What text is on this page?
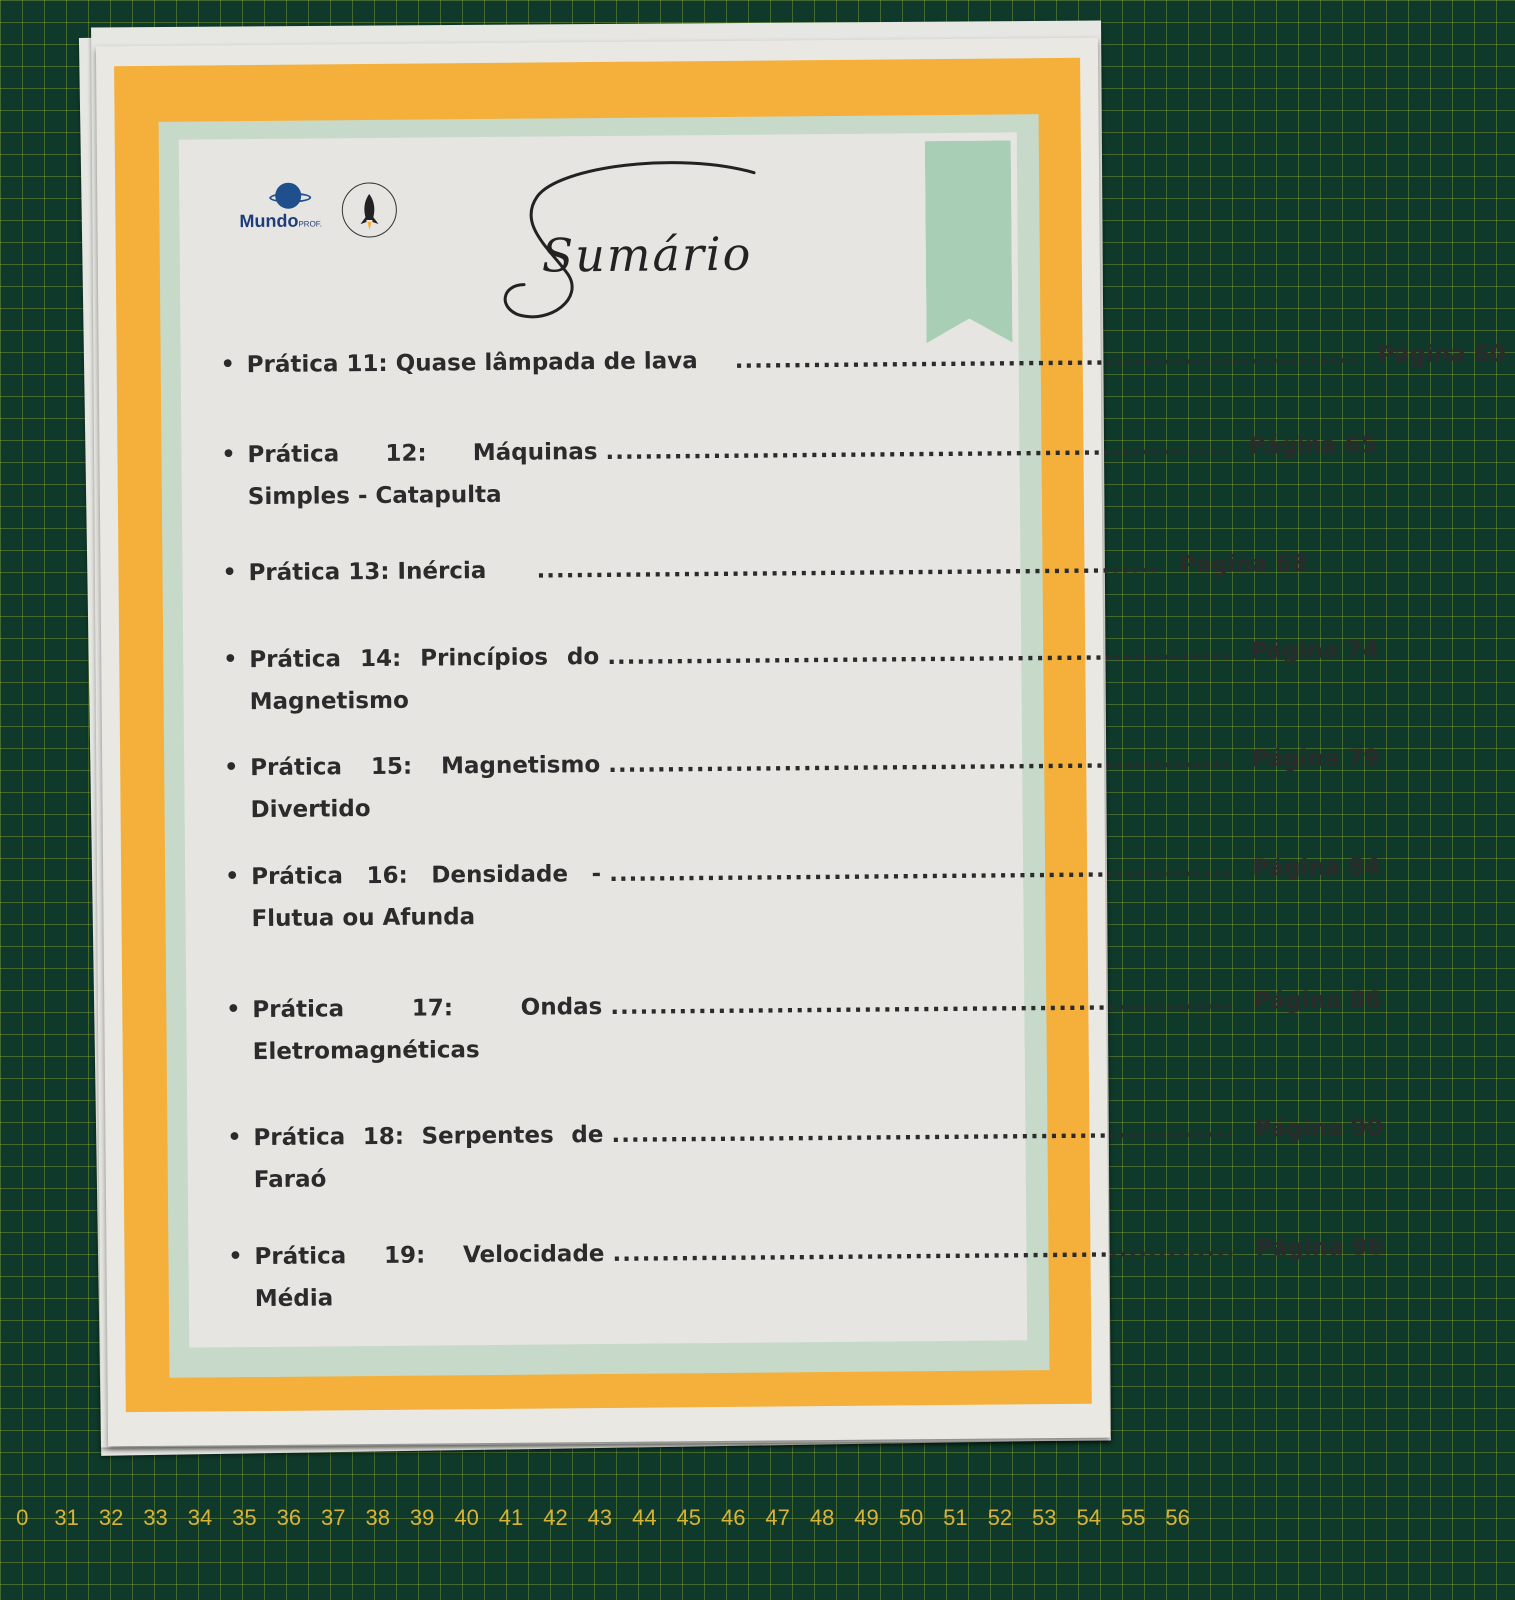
MundoPROF.
Sumário
• Prática 11: Quase lâmpada de lava	................................................................ Página 60
• Prática 12: Máquinas Simples - Catapulta
................................................................ Página 65
• Prática 13: Inércia	................................................................ Página 68
• Prática 14: Princípios do Magnetismo
................................................................ Página 74
• Prática 15: Magnetismo Divertido
................................................................ Página 79
• Prática 16: Densidade - Flutua ou Afunda
................................................................ Página 84
• Prática 17: Ondas Eletromagnéticas
................................................................ Página 86
• Prática 18: Serpentes de Faraó
................................................................ Página 90
• Prática 19: Velocidade Média
................................................................ Página 96
0	31 32 33 34 35 36 37 38 39 40 41 42 43 44 45 46 47 48 49 50 51 52 53 54 55 56
